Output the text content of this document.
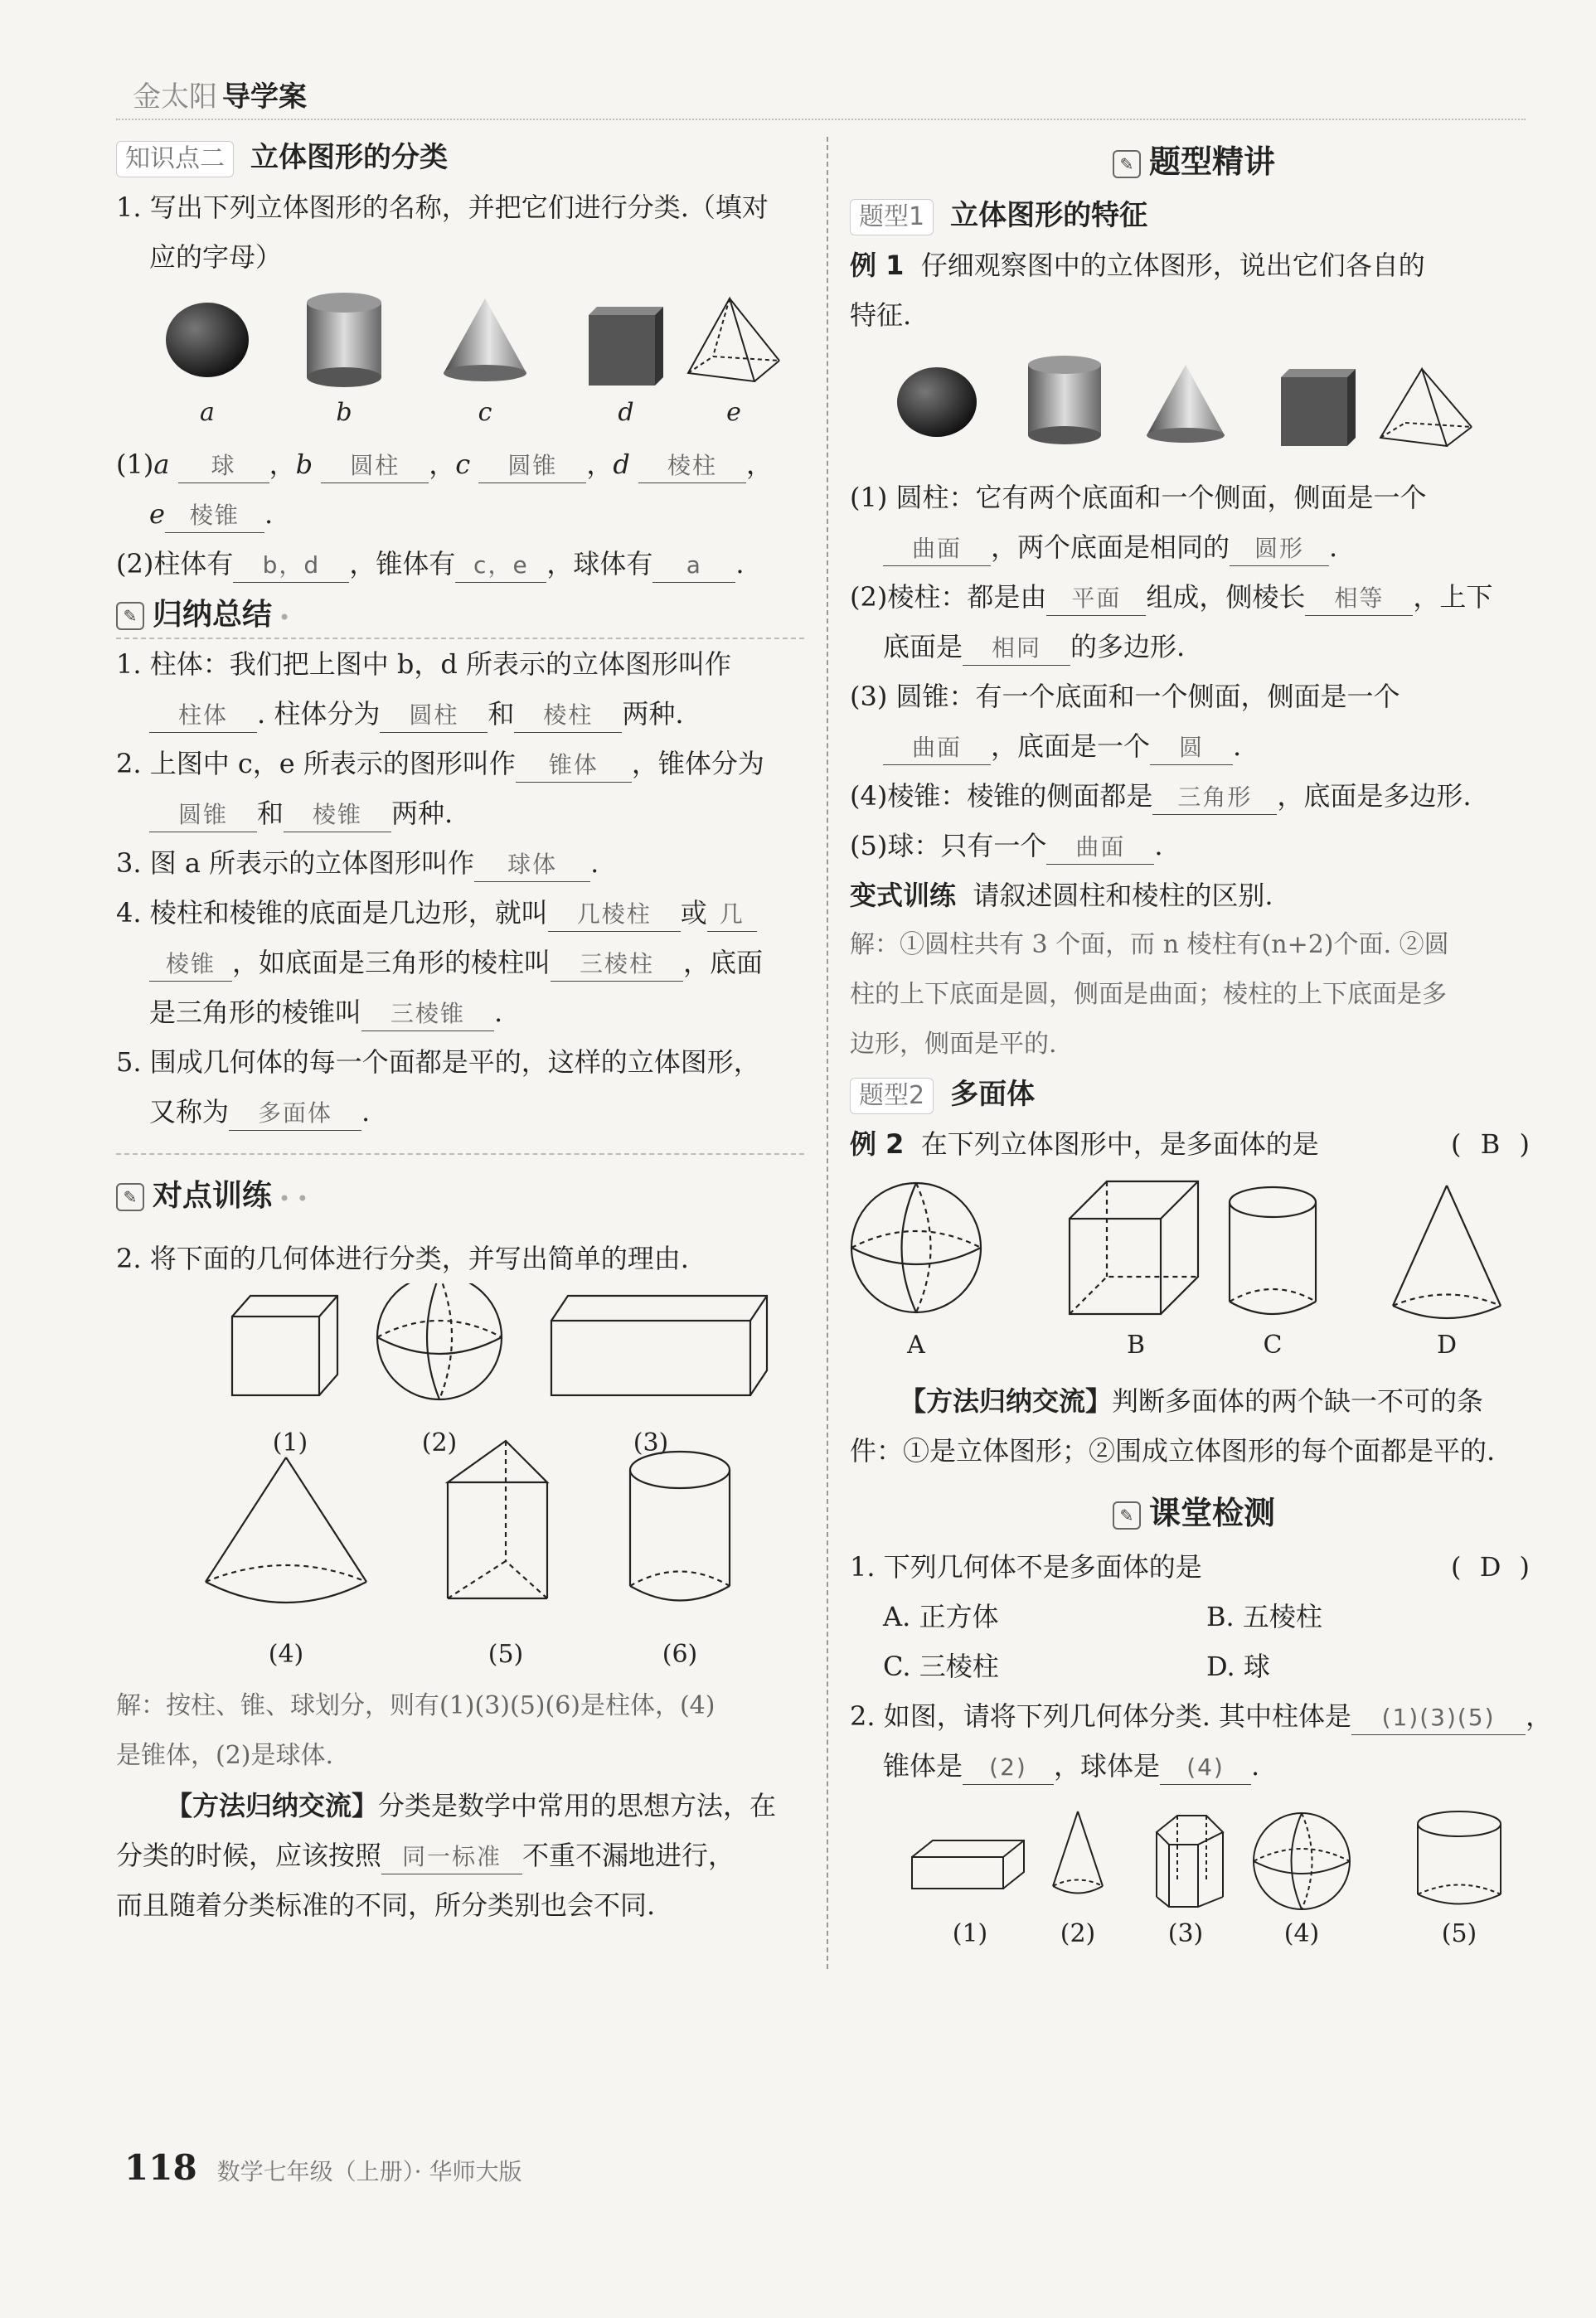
金太阳 导学案
知识点二 立体图形的分类
1. 写出下列立体图形的名称，并把它们进行分类.（填对
应的字母）
a	b	c	d	e
(1)a 球 ，b 圆柱 ，c 圆锥 ，d 棱柱 ，
e 棱锥 .
(2)柱体有 b，d ，锥体有 c，e ，球体有 a .
✎ 归纳总结 •
1. 柱体：我们把上图中 b，d 所表示的立体图形叫作
柱体 . 柱体分为 圆柱 和 棱柱 两种.
2. 上图中 c，e 所表示的图形叫作 锥体 ，锥体分为
圆锥 和 棱锥 两种.
3. 图 a 所表示的立体图形叫作 球体 .
4. 棱柱和棱锥的底面是几边形，就叫 几棱柱 或 几
棱锥 ，如底面是三角形的棱柱叫 三棱柱 ，底面
是三角形的棱锥叫 三棱锥 .
5. 围成几何体的每一个面都是平的，这样的立体图形，
又称为 多面体 .
✎ 对点训练 • •
2. 将下面的几何体进行分类，并写出简单的理由.
(1)	(2)	(3)
(4)	(5)	(6)
解：按柱、锥、球划分，则有(1)(3)(5)(6)是柱体，(4)
是锥体，(2)是球体.
【方法归纳交流】分类是数学中常用的思想方法，在
分类的时候，应该按照 同一标准 不重不漏地进行，
而且随着分类标准的不同，所分类别也会不同.
✎ 题型精讲
题型1 立体图形的特征
例 1 仔细观察图中的立体图形，说出它们各自的
特征.
(1) 圆柱：它有两个底面和一个侧面，侧面是一个
曲面 ，两个底面是相同的 圆形 .
(2)棱柱：都是由 平面 组成，侧棱长 相等 ，上下
底面是 相同 的多边形.
(3) 圆锥：有一个底面和一个侧面，侧面是一个
曲面 ，底面是一个 圆 .
(4)棱锥：棱锥的侧面都是 三角形 ，底面是多边形.
(5)球：只有一个 曲面 .
变式训练 请叙述圆柱和棱柱的区别.
解：①圆柱共有 3 个面，而 n 棱柱有(n+2)个面. ②圆
柱的上下底面是圆，侧面是曲面；棱柱的上下底面是多
边形，侧面是平的.
题型2 多面体
例 2 在下列立体图形中，是多面体的是	( B )
A	B	C	D
【方法归纳交流】判断多面体的两个缺一不可的条
件：①是立体图形；②围成立体图形的每个面都是平的.
✎ 课堂检测
1. 下列几何体不是多面体的是	( D )
A. 正方体	B. 五棱柱
C. 三棱柱	D. 球
2. 如图，请将下列几何体分类. 其中柱体是 (1)(3)(5) ，
锥体是 (2) ，球体是 (4) .
(1)	(2)	(3)	(4)	(5)
118 数学七年级（上册）· 华师大版
